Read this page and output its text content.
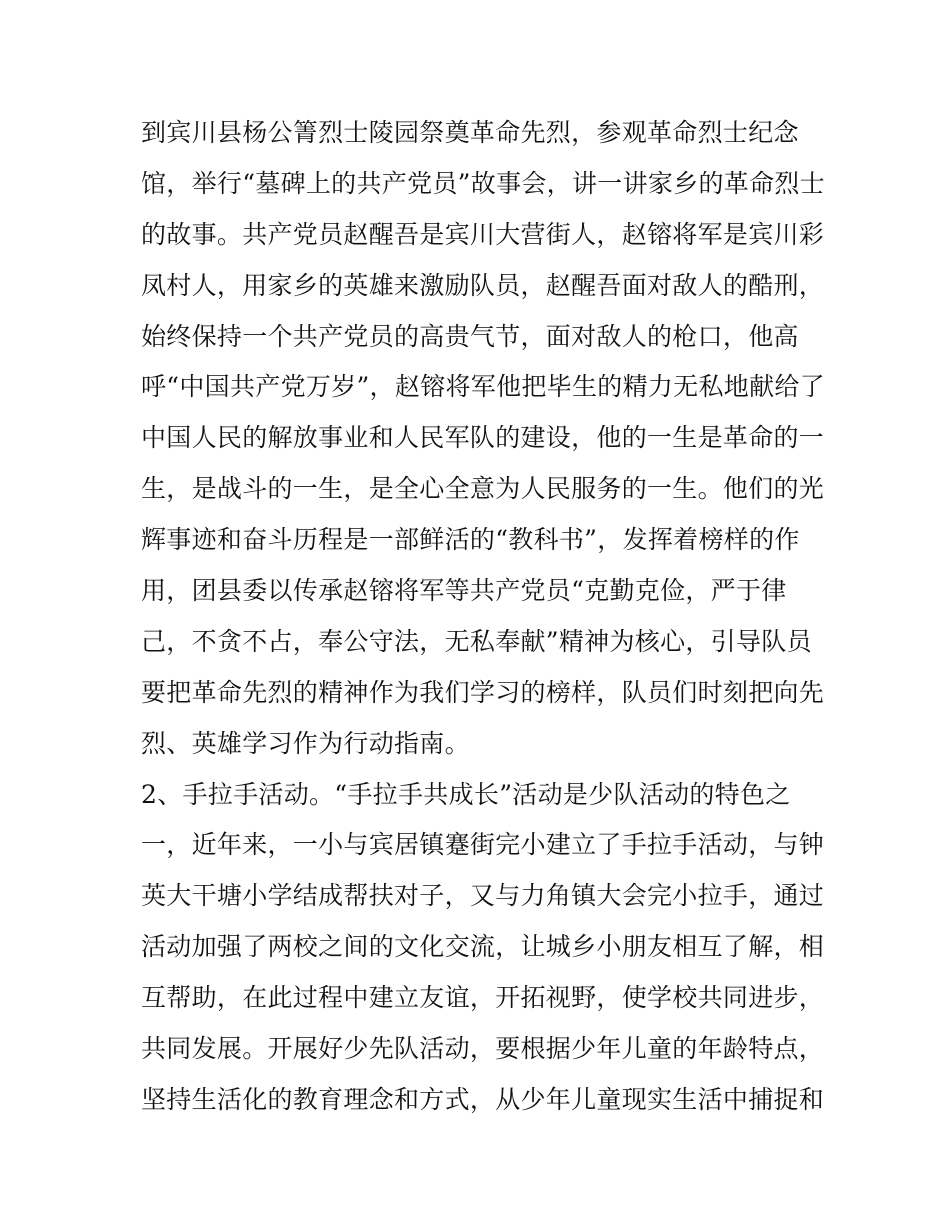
到宾川县杨公箐烈士陵园祭奠革命先烈，参观革命烈士纪念
馆，举行“墓碑上的共产党员”故事会，讲一讲家乡的革命烈士
的故事。共产党员赵醒吾是宾川大营街人，赵镕将军是宾川彩
凤村人，用家乡的英雄来激励队员，赵醒吾面对敌人的酷刑，
始终保持一个共产党员的高贵气节，面对敌人的枪口，他高
呼“中国共产党万岁”，赵镕将军他把毕生的精力无私地献给了
中国人民的解放事业和人民军队的建设，他的一生是革命的一
生，是战斗的一生，是全心全意为人民服务的一生。他们的光
辉事迹和奋斗历程是一部鲜活的“教科书”，发挥着榜样的作
用，团县委以传承赵镕将军等共产党员“克勤克俭，严于律
己，不贪不占，奉公守法，无私奉献”精神为核心，引导队员
要把革命先烈的精神作为我们学习的榜样，队员们时刻把向先
烈、英雄学习作为行动指南。
2、手拉手活动。“手拉手共成长”活动是少队活动的特色之
一，近年来，一小与宾居镇蹇街完小建立了手拉手活动，与钟
英大干塘小学结成帮扶对子，又与力角镇大会完小拉手，通过
活动加强了两校之间的文化交流，让城乡小朋友相互了解，相
互帮助，在此过程中建立友谊，开拓视野，使学校共同进步，
共同发展。开展好少先队活动，要根据少年儿童的年龄特点，
坚持生活化的教育理念和方式，从少年儿童现实生活中捕捉和
